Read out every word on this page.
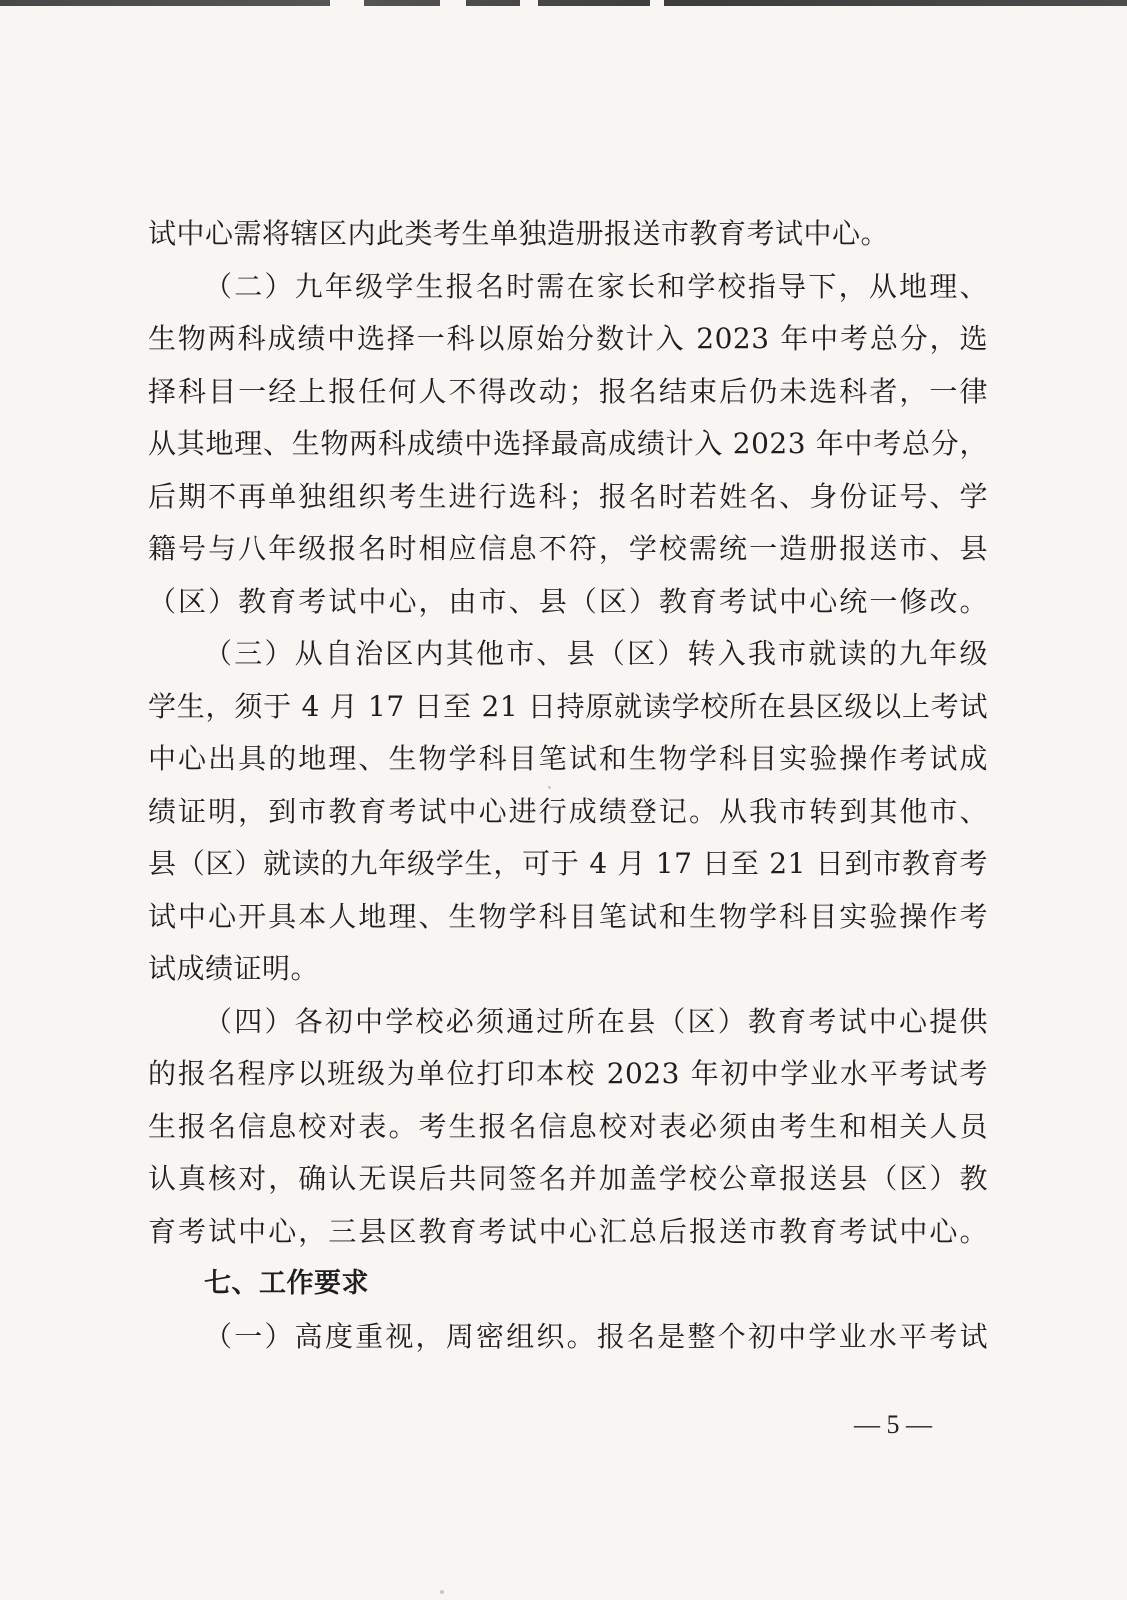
试中心需将辖区内此类考生单独造册报送市教育考试中心。
（二）九年级学生报名时需在家长和学校指导下，从地理、
生物两科成绩中选择一科以原始分数计入 2023 年中考总分，选
择科目一经上报任何人不得改动；报名结束后仍未选科者，一律
从其地理、生物两科成绩中选择最高成绩计入 2023 年中考总分，
后期不再单独组织考生进行选科；报名时若姓名、身份证号、学
籍号与八年级报名时相应信息不符，学校需统一造册报送市、县
（区）教育考试中心，由市、县（区）教育考试中心统一修改。
（三）从自治区内其他市、县（区）转入我市就读的九年级
学生，须于 4 月 17 日至 21 日持原就读学校所在县区级以上考试
中心出具的地理、生物学科目笔试和生物学科目实验操作考试成
绩证明，到市教育考试中心进行成绩登记。从我市转到其他市、
县（区）就读的九年级学生，可于 4 月 17 日至 21 日到市教育考
试中心开具本人地理、生物学科目笔试和生物学科目实验操作考
试成绩证明。
（四）各初中学校必须通过所在县（区）教育考试中心提供
的报名程序以班级为单位打印本校 2023 年初中学业水平考试考
生报名信息校对表。考生报名信息校对表必须由考生和相关人员
认真核对，确认无误后共同签名并加盖学校公章报送县（区）教
育考试中心，三县区教育考试中心汇总后报送市教育考试中心。
七、工作要求
（一）高度重视，周密组织。报名是整个初中学业水平考试
— 5 —
